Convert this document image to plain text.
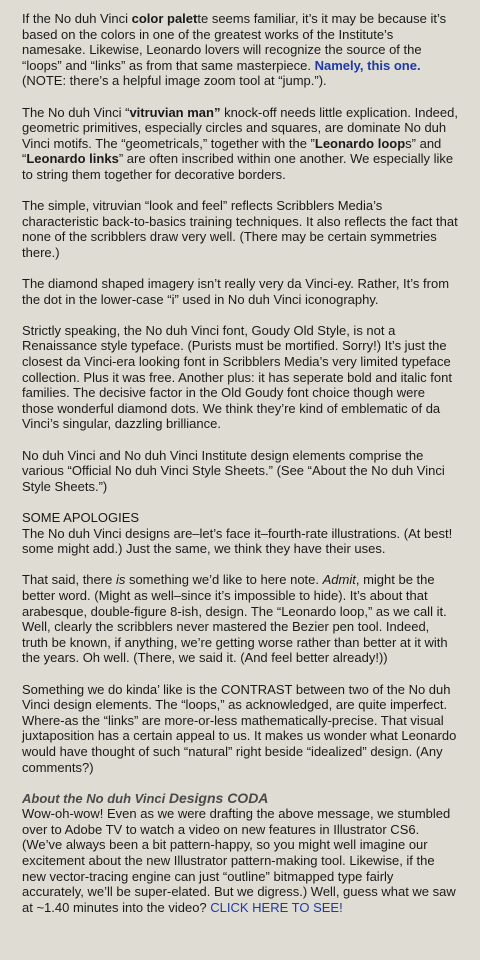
If the No duh Vinci color palette seems familiar, it’s it may be because it’s based on the colors in one of the greatest works of the Institute’s namesake. Likewise, Leonardo lovers will recognize the source of the “loops” and “links” as from that same masterpiece. Namely, this one. (NOTE: there’s a helpful image zoom tool at “jump.”).

The No duh Vinci “vitruvian man” knock-off needs little explication. Indeed, geometric primitives, especially circles and squares, are dominate No duh Vinci motifs. The “geometricals,” together with the ”Leonardo loops” and “Leonardo links” are often inscribed within one another. We especially like to string them together for decorative borders.

The simple, vitruvian “look and feel” reflects Scribblers Media’s characteristic back-to-basics training techniques. It also reflects the fact that none of the scribblers draw very well. (There may be certain symmetries there.)

The diamond shaped imagery isn’t really very da Vinci-ey. Rather, It’s from the dot in the lower-case “i” used in No duh Vinci iconography.

Strictly speaking, the No duh Vinci font, Goudy Old Style, is not a Renaissance style typeface. (Purists must be mortified. Sorry!) It’s just the closest da Vinci-era looking font in Scribblers Media’s very limited typeface collection. Plus it was free. Another plus: it has seperate bold and italic font families. The decisive factor in the Old Goudy font choice though were those wonderful diamond dots. We think they’re kind of emblematic of da Vinci’s singular, dazzling brilliance.

No duh Vinci and No duh Vinci Institute design elements comprise the various “Official No duh Vinci Style Sheets.” (See “About the No duh Vinci Style Sheets.”)

SOME APOLOGIES

The No duh Vinci designs are–let’s face it–fourth-rate illustrations. (At best! some might add.) Just the same, we think they have their uses.

That said, there is something we’d like to here note. Admit, might be the better word. (Might as well–since it’s impossible to hide). It’s about that arabesque, double-figure 8-ish, design. The “Leonardo loop,” as we call it. Well, clearly the scribblers never mastered the Bezier pen tool. Indeed, truth be known, if anything, we’re getting worse rather than better at it with the years. Oh well. (There, we said it. (And feel better already!))

Something we do kinda’ like is the CONTRAST between two of the No duh Vinci design elements. The “loops,” as acknowledged, are quite imperfect. Where-as the “links” are more-or-less mathematically-precise. That visual juxtaposition has a certain appeal to us. It makes us wonder what Leonardo would have thought of such “natural” right beside “idealized” design. (Any comments?)

About the No duh Vinci Designs CODA

Wow-oh-wow! Even as we were drafting the above message, we stumbled over to Adobe TV to watch a video on new features in Illustrator CS6. (We’ve always been a bit pattern-happy, so you might well imagine our excitement about the new Illustrator pattern-making tool. Likewise, if the new vector-tracing engine can just “outline” bitmapped type fairly accurately, we’ll be super-elated. But we digress.) Well, guess what we saw at ~1.40 minutes into the video? CLICK HERE TO SEE!
